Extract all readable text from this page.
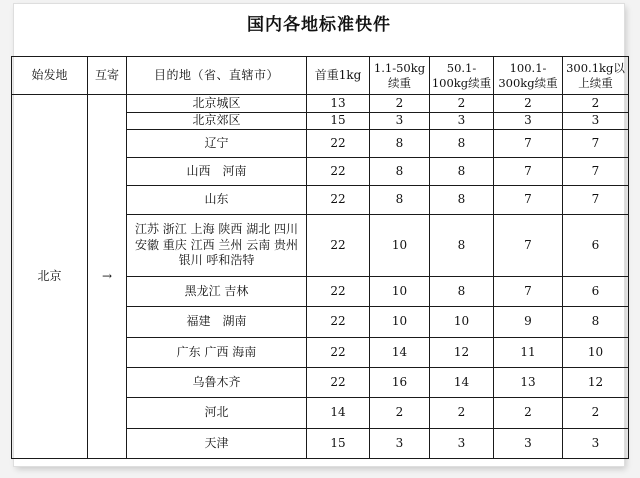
国内各地标准快件
始发地	互寄	目的地（省、直辖市）	首重1kg	1.1-50kg续重	50.1-100kg续重	100.1-300kg续重	300.1kg以上续重
北京	→	北京城区	13	2	2	2	2
		北京郊区	15	3	3	3	3
		辽宁	22	8	8	7	7
		山西　河南	22	8	8	7	7
		山东	22	8	8	7	7
		江苏 浙江 上海 陕西 湖北 四川 安徽 重庆 江西 兰州 云南 贵州 银川 呼和浩特	22	10	8	7	6
		黑龙江 吉林	22	10	8	7	6
		福建　湖南	22	10	10	9	8
		广东 广西 海南	22	14	12	11	10
		乌鲁木齐	22	16	14	13	12
		河北	14	2	2	2	2
		天津	15	3	3	3	3
